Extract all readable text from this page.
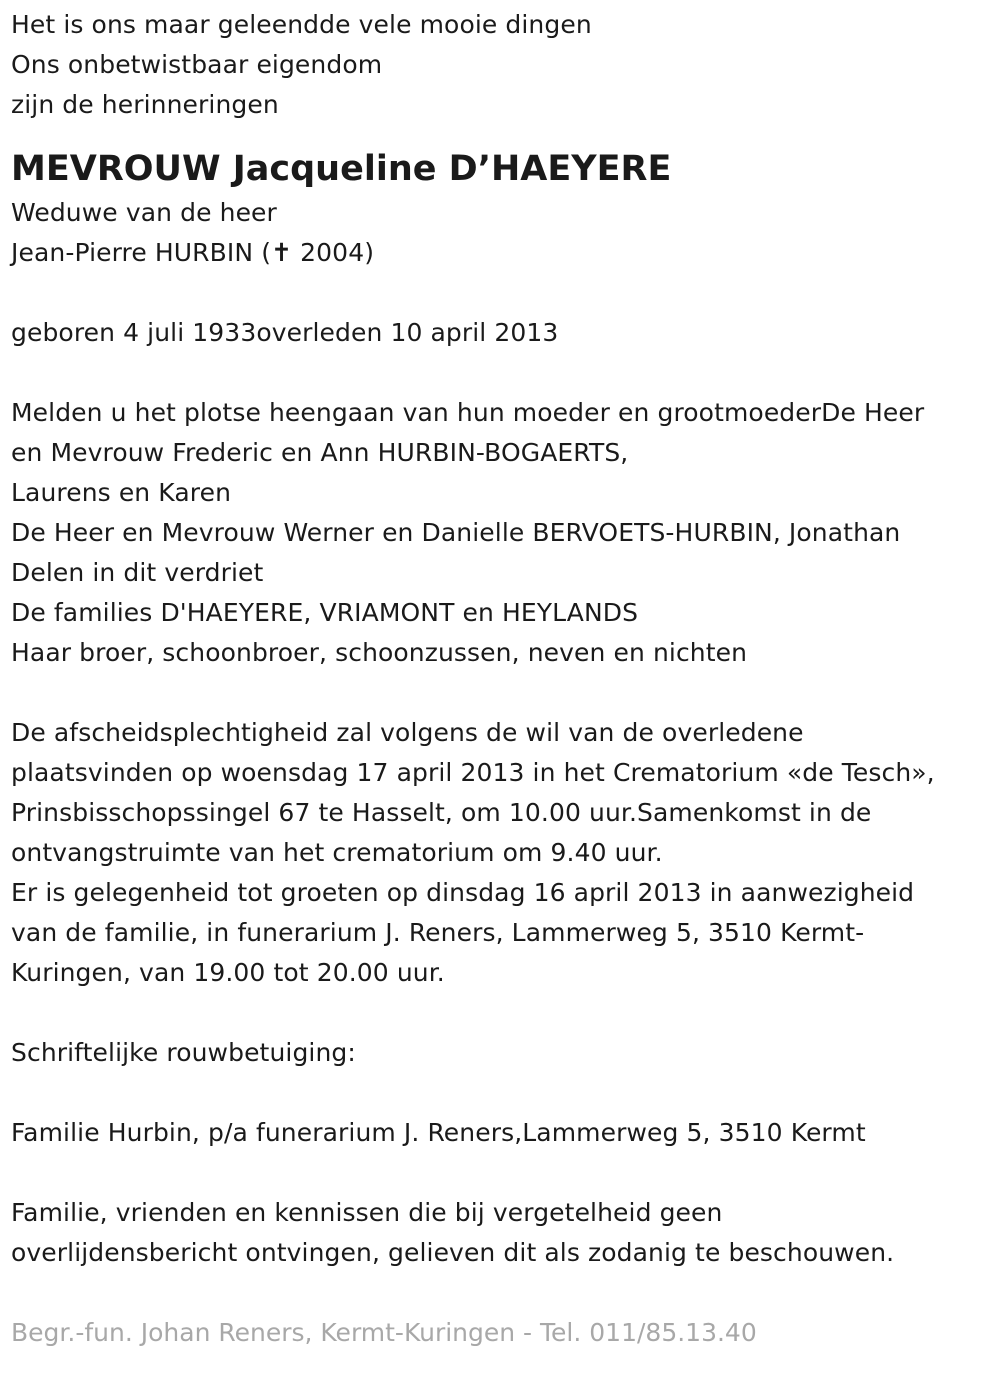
Het is ons maar geleendde vele mooie dingen
Ons onbetwistbaar eigendom
zijn de herinneringen
MEVROUW Jacqueline D’HAEYERE
Weduwe van de heer
Jean-Pierre HURBIN (✝ 2004)
geboren 4 juli 1933overleden 10 april 2013
Melden u het plotse heengaan van hun moeder en grootmoederDe Heer
en Mevrouw Frederic en Ann HURBIN-BOGAERTS,
Laurens en Karen
De Heer en Mevrouw Werner en Danielle BERVOETS-HURBIN, Jonathan
Delen in dit verdriet
De families D'HAEYERE, VRIAMONT en HEYLANDS
Haar broer, schoonbroer, schoonzussen, neven en nichten
De afscheidsplechtigheid zal volgens de wil van de overledene
plaatsvinden op woensdag 17 april 2013 in het Crematorium «de Tesch»,
Prinsbisschopssingel 67 te Hasselt, om 10.00 uur.Samenkomst in de
ontvangstruimte van het crematorium om 9.40 uur.
Er is gelegenheid tot groeten op dinsdag 16 april 2013 in aanwezigheid
van de familie, in funerarium J. Reners, Lammerweg 5, 3510 Kermt-
Kuringen, van 19.00 tot 20.00 uur.
Schriftelijke rouwbetuiging:
Familie Hurbin, p/a funerarium J. Reners,Lammerweg 5, 3510 Kermt
Familie, vrienden en kennissen die bij vergetelheid geen
overlijdensbericht ontvingen, gelieven dit als zodanig te beschouwen.
Begr.-fun. Johan Reners, Kermt-Kuringen - Tel. 011/85.13.40
